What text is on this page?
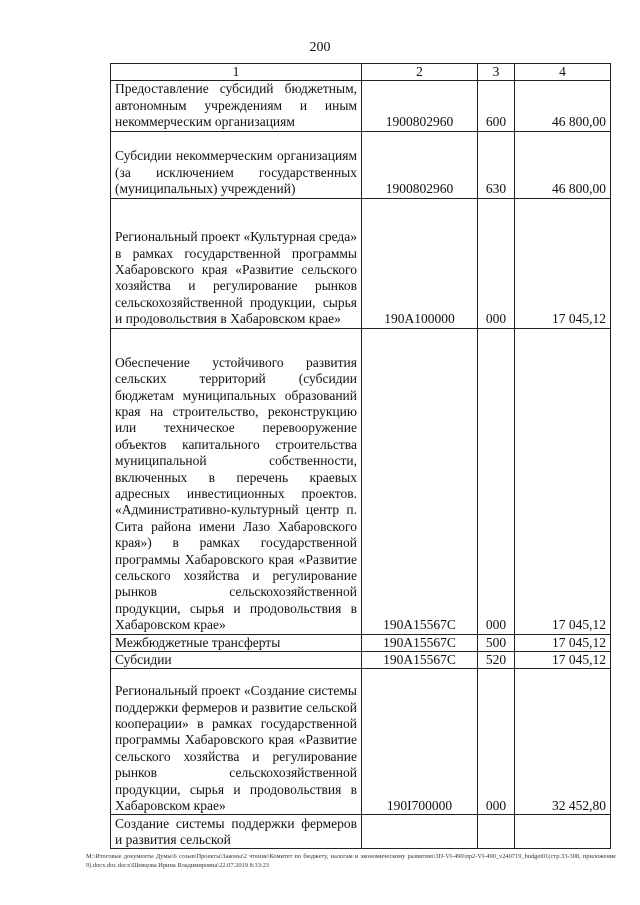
200
1	2	3	4
Предоставление субсидий бюджетным, автономным учреждениям и иным некоммерческим организациям	1900802960	600	46 800,00
Субсидии некоммерческим организациям (за исключением государственных (муниципальных) учреждений)	1900802960	630	46 800,00
Региональный проект «Культурная среда» в рамках государственной программы Хабаровского края «Развитие сельского хозяйства и регулирование рынков сельскохозяйственной продукции, сырья и продовольствия в Хабаровском крае»	190A100000	000	17 045,12
Обеспечение устойчивого развития сельских территорий (субсидии бюджетам муниципальных образований края на строительство, реконструкцию или техническое перевооружение объектов капитального строительства муниципальной собственности, включенных в перечень краевых адресных инвестиционных проектов. «Административно-культурный центр п. Сита района имени Лазо Хабаровского края») в рамках государственной программы Хабаровского края «Развитие сельского хозяйства и регулирование рынков сельскохозяйственной продукции, сырья и продовольствия в Хабаровском крае»	190A15567C	000	17 045,12
Межбюджетные трансферты	190A15567C	500	17 045,12
Субсидии	190A15567C	520	17 045,12
Региональный проект «Создание системы поддержки фермеров и развитие сельской кооперации» в рамках государственной программы Хабаровского края «Развитие сельского хозяйства и регулирование рынков сельскохозяйственной продукции, сырья и продовольствия в Хабаровском крае»	190I700000	000	32 452,80
Создание системы поддержки фермеров и развития сельской			
М:\Итоговые документы Думы\6 созыв\Проекты\Законы\2 чтение\Комитет по бюджету, налогам и экономическому развитию\3П-VI-490\пр2-VI-490_v240719_budget01(стр.33-308, приложение 9).docx.doc.docx\Шевцова Ирина Владимировна\22.07.2019 8:33:23
